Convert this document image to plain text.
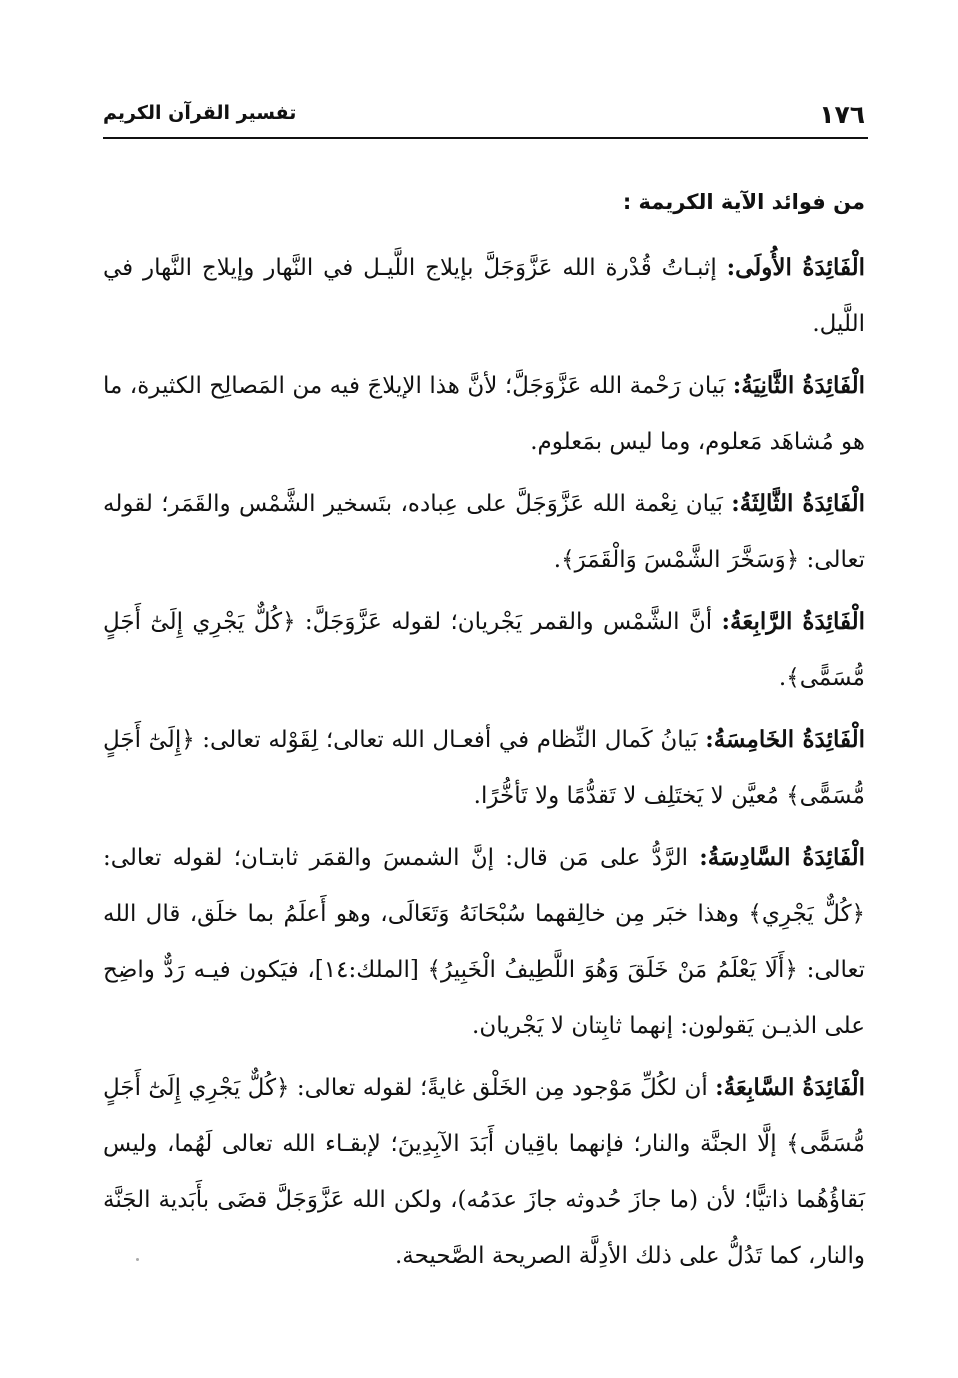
١٧٦
تفسير القرآن الكريم
من فوائد الآية الكريمة :

الْفَائِدَةُ الأُولَى: إثبـاتُ قُدْرة الله عَزَّوَجَلَّ بإيلاج اللَّيـل في النَّهار وإيلاج النَّهار في اللَّيل.

الْفَائِدَةُ الثَّانِيَةُ: بَيان رَحْمة الله عَزَّوَجَلَّ؛ لأنَّ هذا الإيلاجَ فيه من المَصالِح الكثيرة، ما هو مُشاهَد مَعلوم، وما ليس بمَعلوم.

الْفَائِدَةُ الثَّالِثَةُ: بَيان نِعْمة الله عَزَّوَجَلَّ على عِباده، بتَسخير الشَّمْس والقَمَر؛ لقوله تعالى: ﴿وَسَخَّرَ الشَّمْسَ وَالْقَمَرَ﴾.

الْفَائِدَةُ الرَّابِعَةُ: أنَّ الشَّمْس والقمر يَجْريان؛ لقوله عَزَّوَجَلَّ: ﴿كُلٌّ يَجْرِي إِلَىٰٓ أَجَلٍ مُّسَمًّى﴾.

الْفَائِدَةُ الخَامِسَةُ: بَيانُ كَمال النِّظام في أفعـال الله تعالى؛ لِقَوْله تعالى: ﴿إِلَىٰٓ أَجَلٍ مُّسَمًّى﴾ مُعيَّن لا يَختَلِف لا تَقدُّمًا ولا تَأخُّرًا.

الْفَائِدَةُ السَّادِسَةُ: الرَّدُّ على مَن قال: إنَّ الشمسَ والقمَر ثابتـان؛ لقوله تعالى: ﴿كُلٌّ يَجْرِي﴾ وهذا خبَر مِن خالِقهما سُبْحَانَهُ وَتَعَالَى، وهو أَعلَمُ بما خلَق، قال الله تعالى: ﴿أَلَا يَعْلَمُ مَنْ خَلَقَ وَهُوَ اللَّطِيفُ الْخَبِيرُ﴾ [الملك:١٤]، فيَكون فيـه رَدٌّ واضِح على الذيـن يَقولون: إنهما ثابِتان لا يَجْريان.

الْفَائِدَةُ السَّابِعَةُ: أن لكُلِّ مَوْجود مِن الخَلْق غايةً؛ لقوله تعالى: ﴿كُلٌّ يَجْرِي إِلَىٰٓ أَجَلٍ مُّسَمًّى﴾ إلَّا الجنَّة والنار؛ فإنهما باقِيان أَبَدَ الآبِدِينَ؛ لإبقـاء الله تعالى لَهُما، وليس بَقاؤُهُما ذاتيًّا؛ لأن (ما جازَ حُدوثه جازَ عدَمُه)، ولكن الله عَزَّوَجَلَّ قضَى بأَبَدية الجَنَّة والنار، كما تَدُلُّ على ذلك الأدِلَّة الصريحة الصَّحيحة.
